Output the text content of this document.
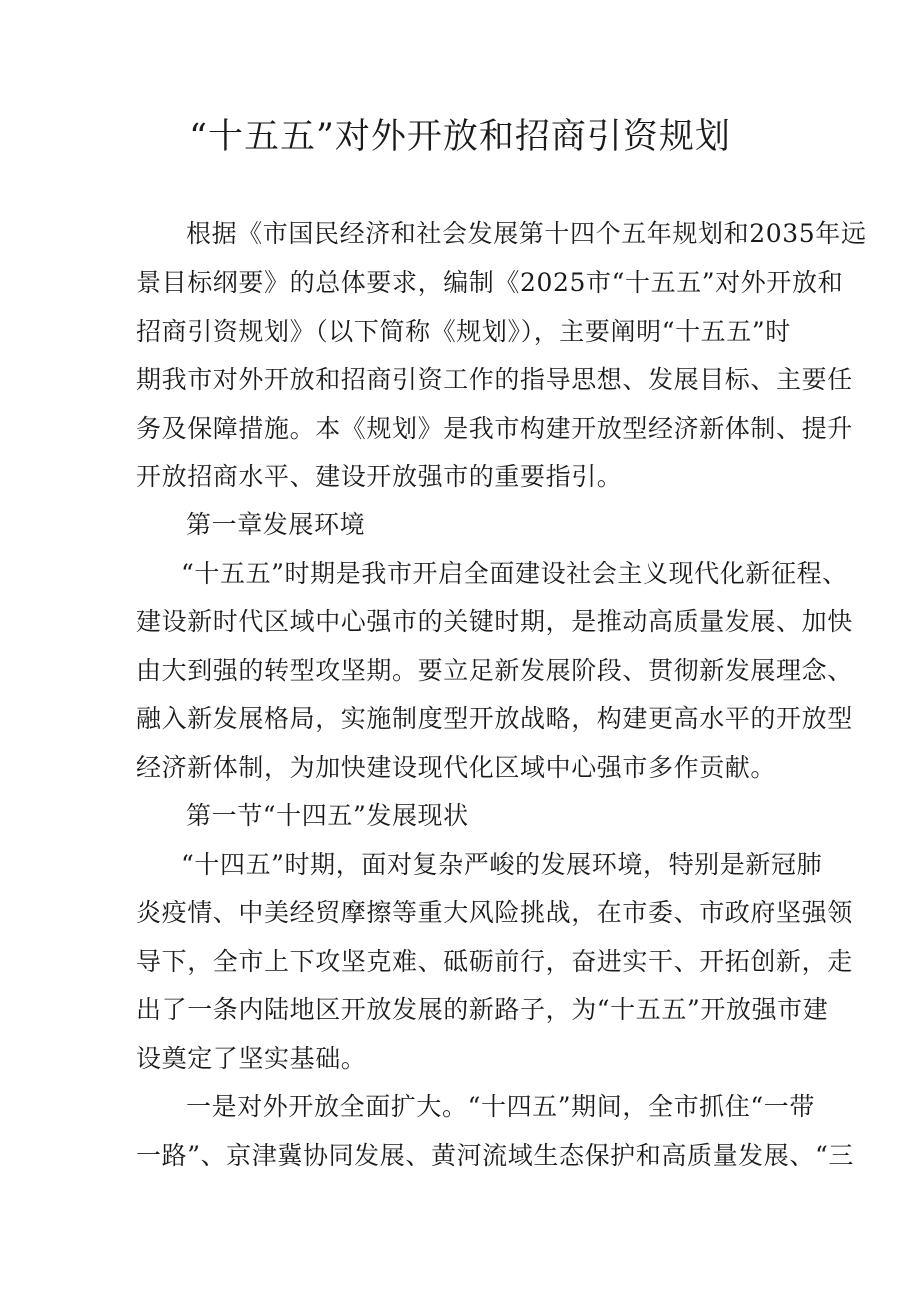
“十五五”对外开放和招商引资规划
根据《市国民经济和社会发展第十四个五年规划和2035年远
景目标纲要》的总体要求，编制《2025市“十五五”对外开放和
招商引资规划》（以下简称《规划》），主要阐明“十五五”时
期我市对外开放和招商引资工作的指导思想、发展目标、主要任
务及保障措施。本《规划》是我市构建开放型经济新体制、提升
开放招商水平、建设开放强市的重要指引。
第一章发展环境
“十五五”时期是我市开启全面建设社会主义现代化新征程、
建设新时代区域中心强市的关键时期，是推动高质量发展、加快
由大到强的转型攻坚期。要立足新发展阶段、贯彻新发展理念、
融入新发展格局，实施制度型开放战略，构建更高水平的开放型
经济新体制，为加快建设现代化区域中心强市多作贡献。
第一节“十四五”发展现状
“十四五”时期，面对复杂严峻的发展环境，特别是新冠肺
炎疫情、中美经贸摩擦等重大风险挑战，在市委、市政府坚强领
导下，全市上下攻坚克难、砥砺前行，奋进实干、开拓创新，走
出了一条内陆地区开放发展的新路子，为“十五五”开放强市建
设奠定了坚实基础。
一是对外开放全面扩大。“十四五”期间，全市抓住“一带
一路”、京津冀协同发展、黄河流域生态保护和高质量发展、“三
